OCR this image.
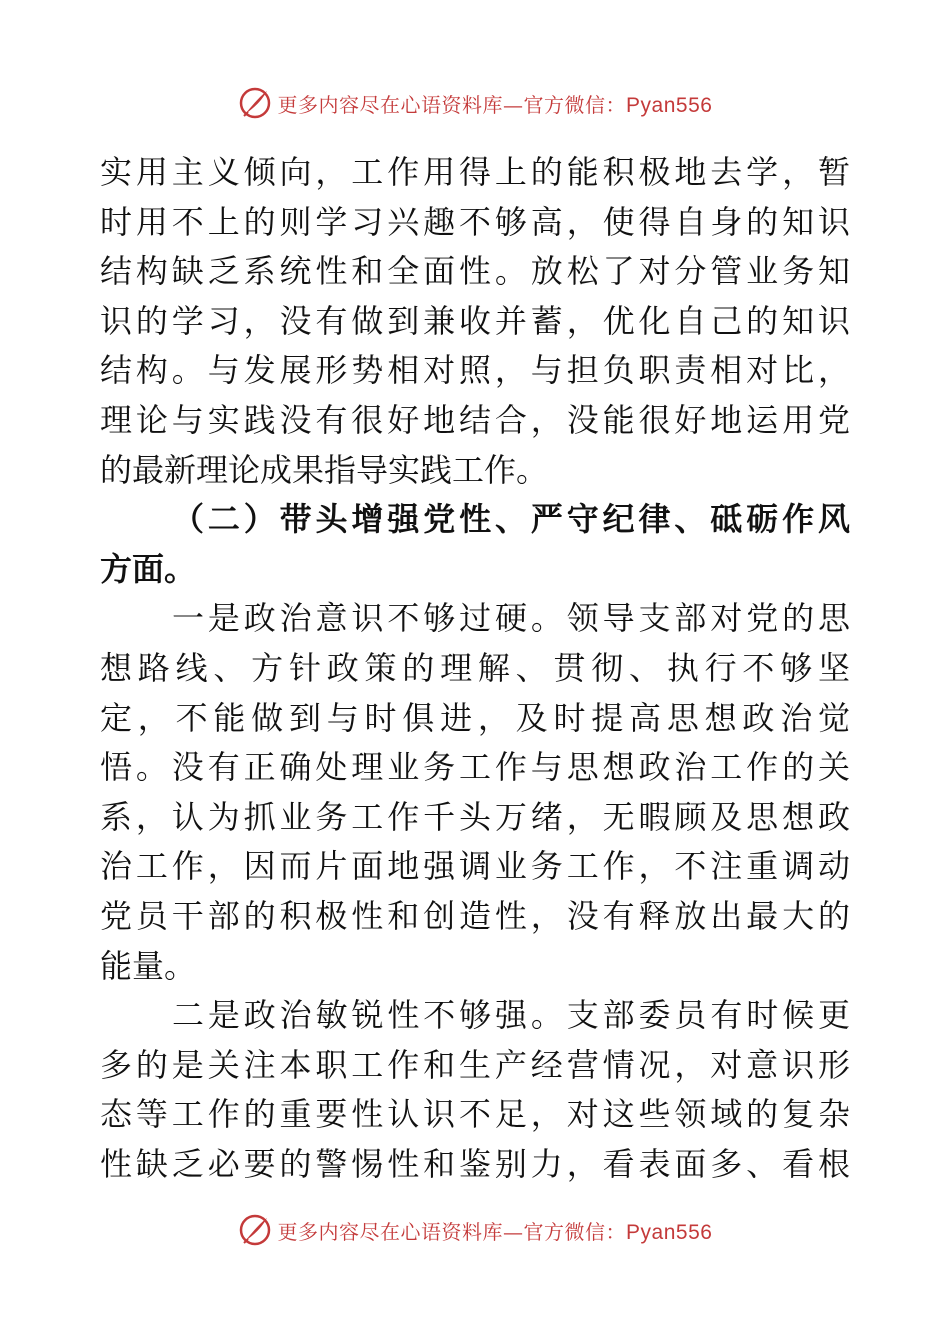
更多内容尽在心语资料库—官方微信：Pyan556
实用主义倾向，工作用得上的能积极地去学，暂
时用不上的则学习兴趣不够高，使得自身的知识
结构缺乏系统性和全面性。放松了对分管业务知
识的学习，没有做到兼收并蓄，优化自己的知识
结构。与发展形势相对照，与担负职责相对比，
理论与实践没有很好地结合，没能很好地运用党
的最新理论成果指导实践工作。
（二）带头增强党性、严守纪律、砥砺作风
方面。
一是政治意识不够过硬。领导支部对党的思
想路线、方针政策的理解、贯彻、执行不够坚
定，不能做到与时俱进，及时提高思想政治觉
悟。没有正确处理业务工作与思想政治工作的关
系，认为抓业务工作千头万绪，无暇顾及思想政
治工作，因而片面地强调业务工作，不注重调动
党员干部的积极性和创造性，没有释放出最大的
能量。
二是政治敏锐性不够强。支部委员有时候更
多的是关注本职工作和生产经营情况，对意识形
态等工作的重要性认识不足，对这些领域的复杂
性缺乏必要的警惕性和鉴别力，看表面多、看根
更多内容尽在心语资料库—官方微信：Pyan556
